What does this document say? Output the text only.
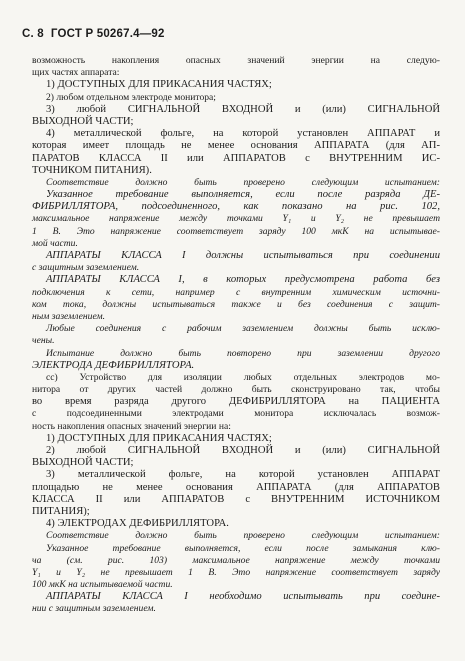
С. 8 ГОСТ Р 50267.4—92
возможность накопления опасных значений энергии на следую-
щих частях аппарата:
1) ДОСТУПНЫХ ДЛЯ ПРИКАСАНИЯ ЧАСТЯХ;
2) любом отдельном электроде монитора;
3) любой СИГНАЛЬНОЙ ВХОДНОЙ и (или) СИГНАЛЬНОЙ
ВЫХОДНОЙ ЧАСТИ;
4) металлической фольге, на которой установлен АППАРАТ и
которая имеет площадь не менее основания АППАРАТА (для АП-
ПАРАТОВ КЛАССА II или АППАРАТОВ с ВНУТРЕННИМ ИС-
ТОЧНИКОМ ПИТАНИЯ).
Соответствие должно быть проверено следующим испытанием:
Указанное требование выполняется, если после разряда ДЕ-
ФИБРИЛЛЯТОРА, подсоединенного, как показано на рис. 102,
максимальное напряжение между точками Y₁ и Y₂ не превышает
1 В. Это напряжение соответствует заряду 100 мкК на испытывае-
мой части.
АППАРАТЫ КЛАССА I должны испытываться при соединении
с защитным заземлением.
АППАРАТЫ КЛАССА I, в которых предусмотрена работа без
подключения к сети, например с внутренним химическим источни-
ком тока, должны испытываться также и без соединения с защит-
ным заземлением.
Любые соединения с рабочим заземлением должны быть исклю-
чены.
Испытание должно быть повторено при заземлении другого
ЭЛЕКТРОДА ДЕФИБРИЛЛЯТОРА.
сс) Устройство для изоляции любых отдельных электродов мо-
нитора от других частей должно быть сконструировано так, чтобы
во время разряда другого ДЕФИБРИЛЛЯТОРА на ПАЦИЕНТА
с подсоединенными электродами монитора исключалась возмож-
ность накопления опасных значений энергии на:
1) ДОСТУПНЫХ ДЛЯ ПРИКАСАНИЯ ЧАСТЯХ;
2) любой СИГНАЛЬНОЙ ВХОДНОЙ и (или) СИГНАЛЬНОЙ
ВЫХОДНОЙ ЧАСТИ;
3) металлической фольге, на которой установлен АППАРАТ
площадью не менее основания АППАРАТА (для АППАРАТОВ
КЛАССА II или АППАРАТОВ с ВНУТРЕННИМ ИСТОЧНИКОМ
ПИТАНИЯ);
4) ЭЛЕКТРОДАХ ДЕФИБРИЛЛЯТОРА.
Соответствие должно быть проверено следующим испытанием:
Указанное требование выполняется, если после замыкания клю-
ча (см. рис. 103) максимальное напряжение между точками
Y₁ и Y₂ не превышает 1 В. Это напряжение соответствует заряду
100 мкК на испытываемой части.
АППАРАТЫ КЛАССА I необходимо испытывать при соедине-
нии с защитным заземлением.
